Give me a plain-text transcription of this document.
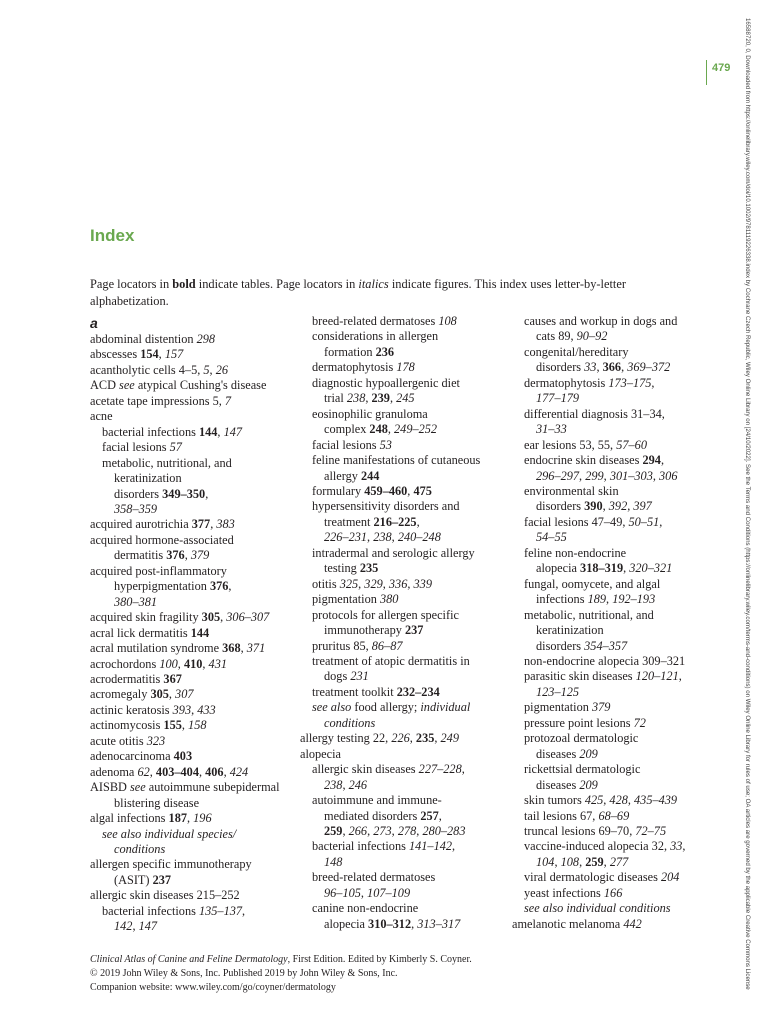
479 16588720, 0, Downloaded from https://onlinelibrary.wiley.com/doi/10.1002/9781119226338.index by Cochrane Czech Republic, Wiley Online Library on [24/10/2022]. See the Terms and Conditions (https://onlinelibrary.wiley.com/terms-and-conditions) on Wiley Online Library for rules of use; OA articles are governed by the applicable Creative Commons License
Index

Page locators in bold indicate tables. Page locators in italics indicate figures. This index uses letter-by-letter alphabetization.

a
abdominal distention 298
abscesses 154, 157
acantholytic cells 4–5, 5, 26
ACD see atypical Cushing's disease
acetate tape impressions 5, 7
acne
bacterial infections 144, 147
facial lesions 57
metabolic, nutritional, and
keratinization
disorders 349–350,
358–359
acquired aurotrichia 377, 383
acquired hormone-associated
dermatitis 376, 379
acquired post-inflammatory
hyperpigmentation 376,
380–381
acquired skin fragility 305, 306–307
acral lick dermatitis 144
acral mutilation syndrome 368, 371
acrochordons 100, 410, 431
acrodermatitis 367
acromegaly 305, 307
actinic keratosis 393, 433
actinomycosis 155, 158
acute otitis 323
adenocarcinoma 403
adenoma 62, 403–404, 406, 424
AISBD see autoimmune subepidermal
blistering disease
algal infections 187, 196
see also individual species/
conditions
allergen specific immunotherapy
(ASIT) 237
allergic skin diseases 215–252
bacterial infections 135–137,
142, 147
breed-related dermatoses 108
considerations in allergen
formation 236
dermatophytosis 178
diagnostic hypoallergenic diet
trial 238, 239, 245
eosinophilic granuloma
complex 248, 249–252
facial lesions 53
feline manifestations of cutaneous
allergy 244
formulary 459–460, 475
hypersensitivity disorders and
treatment 216–225,
226–231, 238, 240–248
intradermal and serologic allergy
testing 235
otitis 325, 329, 336, 339
pigmentation 380
protocols for allergen specific
immunotherapy 237
pruritus 85, 86–87
treatment of atopic dermatitis in
dogs 231
treatment toolkit 232–234
see also food allergy; individual
conditions
allergy testing 22, 226, 235, 249
alopecia
allergic skin diseases 227–228,
238, 246
autoimmune and immune-
mediated disorders 257,
259, 266, 273, 278, 280–283
bacterial infections 141–142,
148
breed-related dermatoses
96–105, 107–109
canine non-endocrine
alopecia 310–312, 313–317
causes and workup in dogs and
cats 89, 90–92
congenital/hereditary
disorders 33, 366, 369–372
dermatophytosis 173–175,
177–179
differential diagnosis 31–34,
31–33
ear lesions 53, 55, 57–60
endocrine skin diseases 294,
296–297, 299, 301–303, 306
environmental skin
disorders 390, 392, 397
facial lesions 47–49, 50–51,
54–55
feline non-endocrine
alopecia 318–319, 320–321
fungal, oomycete, and algal
infections 189, 192–193
metabolic, nutritional, and
keratinization
disorders 354–357
non-endocrine alopecia 309–321
parasitic skin diseases 120–121,
123–125
pigmentation 379
pressure point lesions 72
protozoal dermatologic
diseases 209
rickettsial dermatologic
diseases 209
skin tumors 425, 428, 435–439
tail lesions 67, 68–69
truncal lesions 69–70, 72–75
vaccine-induced alopecia 32, 33,
104, 108, 259, 277
viral dermatologic diseases 204
yeast infections 166
see also individual conditions
amelanotic melanoma 442
Clinical Atlas of Canine and Feline Dermatology, First Edition. Edited by Kimberly S. Coyner.
© 2019 John Wiley & Sons, Inc. Published 2019 by John Wiley & Sons, Inc.
Companion website: www.wiley.com/go/coyner/dermatology
